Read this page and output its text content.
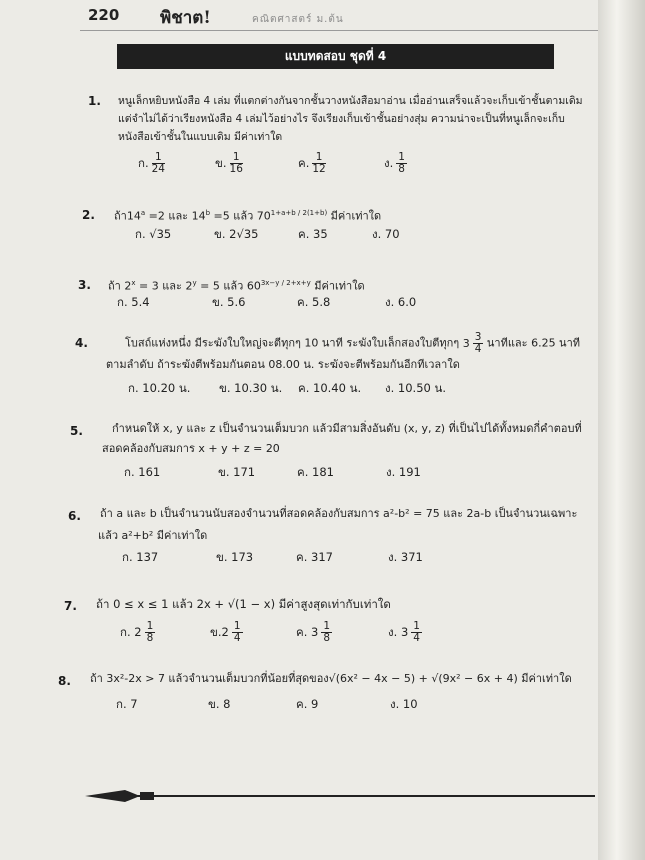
220 พิชาต!	คณิตศาสตร์ ม.ต้น
แบบทดสอบ ชุดที่ 4
1. หนูเล็กหยิบหนังสือ 4 เล่ม ที่แตกต่างกันจากชั้นวางหนังสือมาอ่าน เมื่ออ่านเสร็จแล้วจะเก็บเข้าชั้นตามเดิม แต่จำไม่ได้ว่าเรียงหนังสือ 4 เล่มไว้อย่างไร จึงเรียงเก็บเข้าชั้นอย่างสุ่ม ความน่าจะเป็นที่หนูเล็กจะเก็บหนังสือเข้าชั้นในแบบเดิม มีค่าเท่าใด
ก. $\frac{1}{24}$	ข. $\frac{1}{16}$	ค. $\frac{1}{12}$	ง. $\frac{1}{8}$
2. ถ้า$14^a =2$ และ $14^b =5$ แล้ว $70^{1+a+b / 2(1+b)}$ มีค่าเท่าใด
ก. √35	ข. 2√35	ค. 35	ง. 70
3. ถ้า $2^x = 3$ และ $2^y = 5$ แล้ว $60^{3x-y / 2+x+y}$ มีค่าเท่าใด
ก. 5.4	ข. 5.6	ค. 5.8	ง. 6.0
4.	โบสถ์แห่งหนึ่ง มีระฆังใบใหญ่จะตีทุกๆ 10 นาที ระฆังใบเล็กสองใบตีทุกๆ $3 \frac{3}{4}$ นาทีและ 6.25 นาที
ตามลำดับ ถ้าระฆังตีพร้อมกันตอน 08.00 น. ระฆังจะตีพร้อมกันอีกทีเวลาใด
ก. 10.20 น. ข. 10.30 น. ค. 10.40 น. ง. 10.50 น.
5.	กำหนดให้ x, y และ z เป็นจำนวนเต็มบวก แล้วมีสามสิ่งอันดับ (x, y, z) ที่เป็นไปได้ทั้งหมดกี่คำตอบที่
สอดคล้องกับสมการ x + y + z = 20
ก. 161	ข. 171	ค. 181	ง. 191
6. ถ้า a และ b เป็นจำนวนนับสองจำนวนที่สอดคล้องกับสมการ a²-b² = 75 และ 2a-b เป็นจำนวนเฉพาะ
แล้ว a²+b² มีค่าเท่าใด
ก. 137	ข. 173	ค. 317	ง. 371
7. ถ้า 0 ≤ x ≤ 1 แล้ว 2x + √(1 − x) มีค่าสูงสุดเท่ากับเท่าใด
ก. $2 \frac{1}{8}$	ข$.2 \frac{1}{4}$	ค. $3 \frac{1}{8}$	ง. $3 \frac{1}{4}$
8. ถ้า 3x²-2x > 7 แล้วจำนวนเต็มบวกที่น้อยที่สุดของ√(6x² − 4x − 5) + √(9x² − 6x + 4) มีค่าเท่าใด
ก. 7	ข. 8	ค. 9	ง. 10
